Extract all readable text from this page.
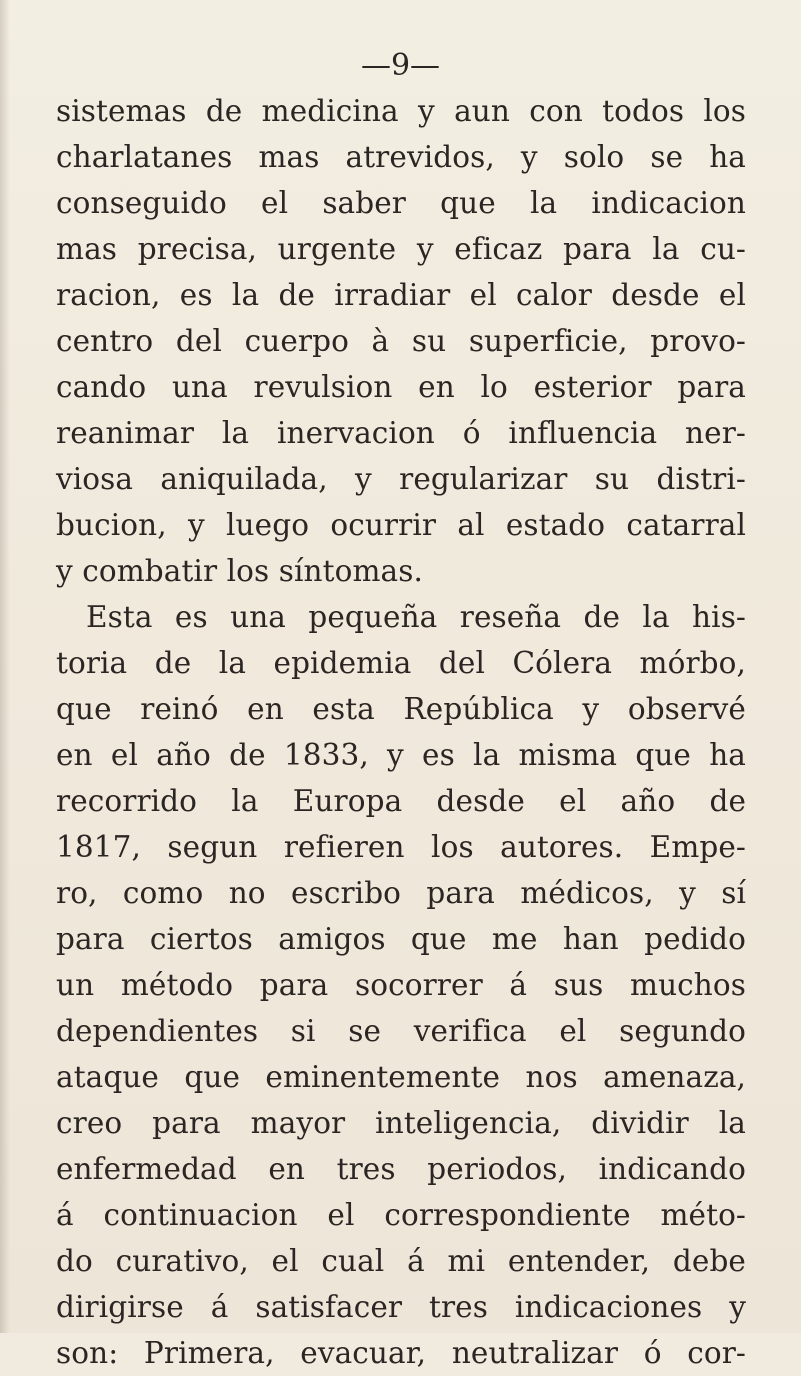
—9—

sistemas de medicina y aun con todos los
charlatanes mas atrevidos, y solo se ha
conseguido el saber que la indicacion
mas precisa, urgente y eficaz para la cu-
racion, es la de irradiar el calor desde el
centro del cuerpo à su superficie, provo-
cando una revulsion en lo esterior para
reanimar la inervacion ó influencia ner-
viosa aniquilada, y regularizar su distri-
bucion, y luego ocurrir al estado catarral
y combatir los síntomas.
Esta es una pequeña reseña de la his-
toria de la epidemia del Cólera mórbo,
que reinó en esta República y observé
en el año de 1833, y es la misma que ha
recorrido la Europa desde el año de
1817, segun refieren los autores. Empe-
ro, como no escribo para médicos, y sí
para ciertos amigos que me han pedido
un método para socorrer á sus muchos
dependientes si se verifica el segundo
ataque que eminentemente nos amenaza,
creo para mayor inteligencia, dividir la
enfermedad en tres periodos, indicando
á continuacion el correspondiente méto-
do curativo, el cual á mi entender, debe
dirigirse á satisfacer tres indicaciones y
son: Primera, evacuar, neutralizar ó cor-
